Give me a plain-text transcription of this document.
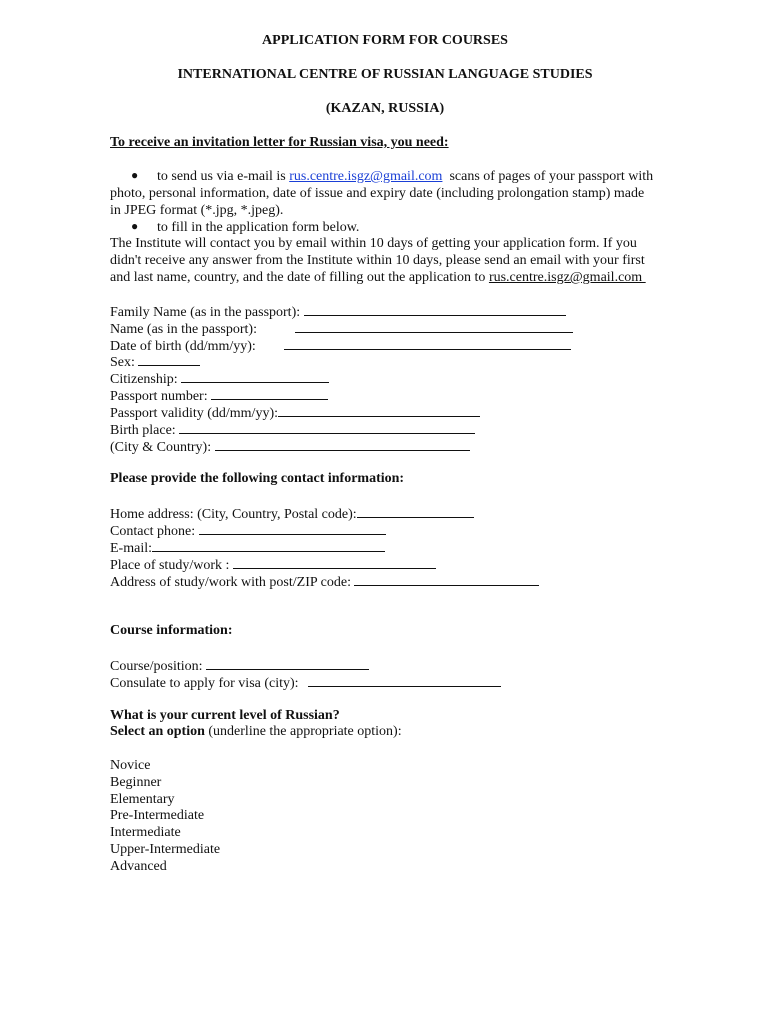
APPLICATION FORM FOR COURSES
INTERNATIONAL CENTRE OF RUSSIAN LANGUAGE STUDIES
(KAZAN, RUSSIA)
To receive an invitation letter for Russian visa, you need:
● to send us via e-mail is rus.centre.isgz@gmail.com  scans of pages of your passport with
photo, personal information, date of issue and expiry date (including prolongation stamp) made
in JPEG format (*.jpg, *.jpeg).
● to fill in the application form below.
The Institute will contact you by email within 10 days of getting your application form. If you
didn't receive any answer from the Institute within 10 days, please send an email with your first
and last name, country, and the date of filling out the application to rus.centre.isgz@gmail.com
Family Name (as in the passport):
Name (as in the passport):
Date of birth (dd/mm/yy):
Sex:
Citizenship:
Passport number:
Passport validity (dd/mm/yy):
Birth place:
(City & Country):
Please provide the following contact information:
Home address: (City, Country, Postal code):
Contact phone:
E-mail:
Place of study/work :
Address of study/work with post/ZIP code:
Course information:
Course/position:
Consulate to apply for visa (city):
What is your current level of Russian?
Select an option (underline the appropriate option):
Novice
Beginner
Elementary
Pre-Intermediate
Intermediate
Upper-Intermediate
Advanced
